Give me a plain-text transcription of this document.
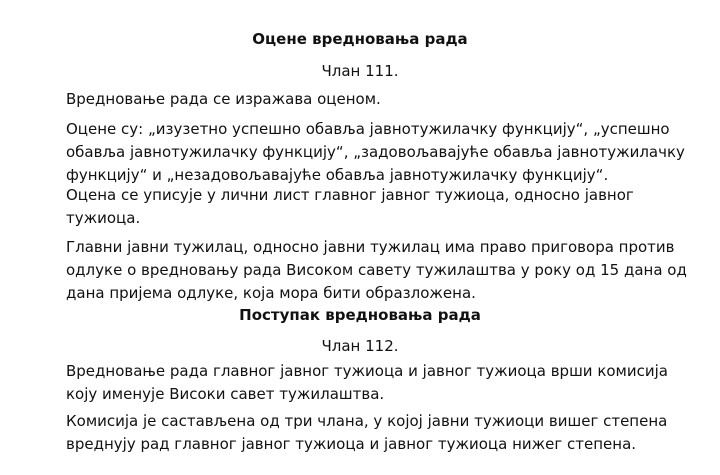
Оцене вредновања рада
Члан 111.
Вредновање рада се изражава оценом.
Оцене су: „изузетно успешно обавља јавнотужилачку функцију“, „успешно
обавља јавнотужилачку функцију“, „задовољавајуће обавља јавнотужилачку
функцију“ и „незадовољавајуће обавља јавнотужилачку функцију“.
Оцена се уписује у лични лист главног јавног тужиоца, односно јавног
тужиоца.
Главни јавни тужилац, односно јавни тужилац има право приговора против
одлуке о вредновању рада Високом савету тужилаштва у року од 15 дана од
дана пријема одлуке, која мора бити образложена.
Поступак вредновања рада
Члан 112.
Вредновање рада главног јавног тужиоца и јавног тужиоца врши комисија
коју именује Високи савет тужилаштва.
Комисија је састављена од три члана, у којој јавни тужиоци вишег степена
вреднују рад главног јавног тужиоца и јавног тужиоца нижег степена.
